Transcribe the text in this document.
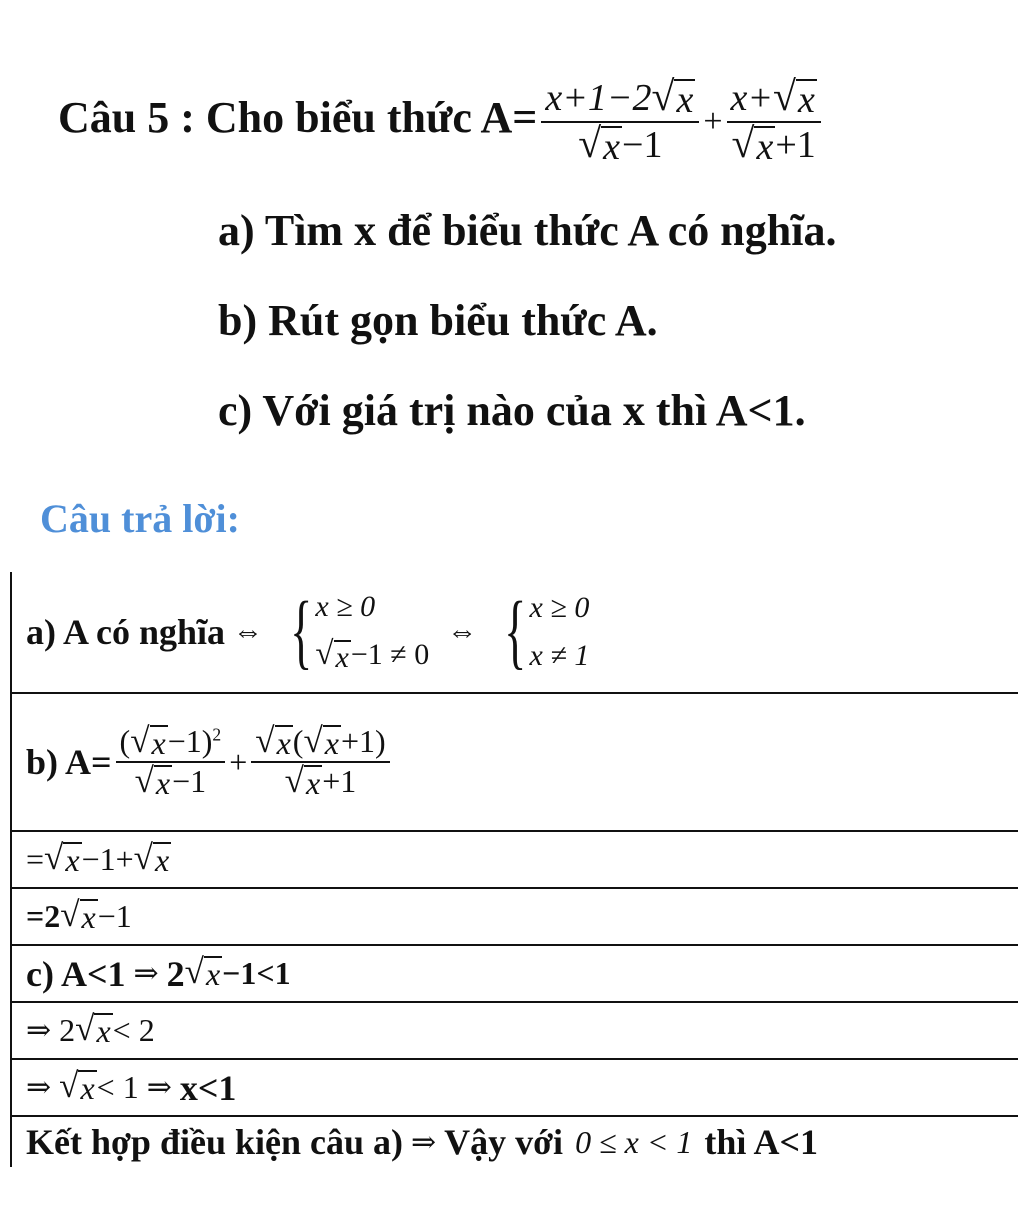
Câu 5 : Cho biểu thức $A= \frac{x+1-2 √ x}{√ x -1} + \frac{x+ √ x}{√ x +1}$
a) Tìm x để biểu thức A có nghĩa.
b) Rút gọn biểu thức A.
c) Với giá trị nào của x thì A<1.
Câu trả lời:
a) A có nghĩa ⇔ { x ≥ 0
√ x −1 ≠ 0
⇔ { x ≥ 0
x ≠ 1
b) $A= \frac{( √ x -1)^2}{√ x -1} + \frac{√ x ( √ x +1)}{√ x +1}$
= √ x −1+ √ x
=2 √ x −1
c) A<1 ⇒ 2 √ x −1<1
⇒ 2 √ x < 2
⇒ √ x < 1 ⇒ x<1
Kết hợp điều kiện câu a) ⇒ Vậy với 0 ≤ x < 1 thì A<1
